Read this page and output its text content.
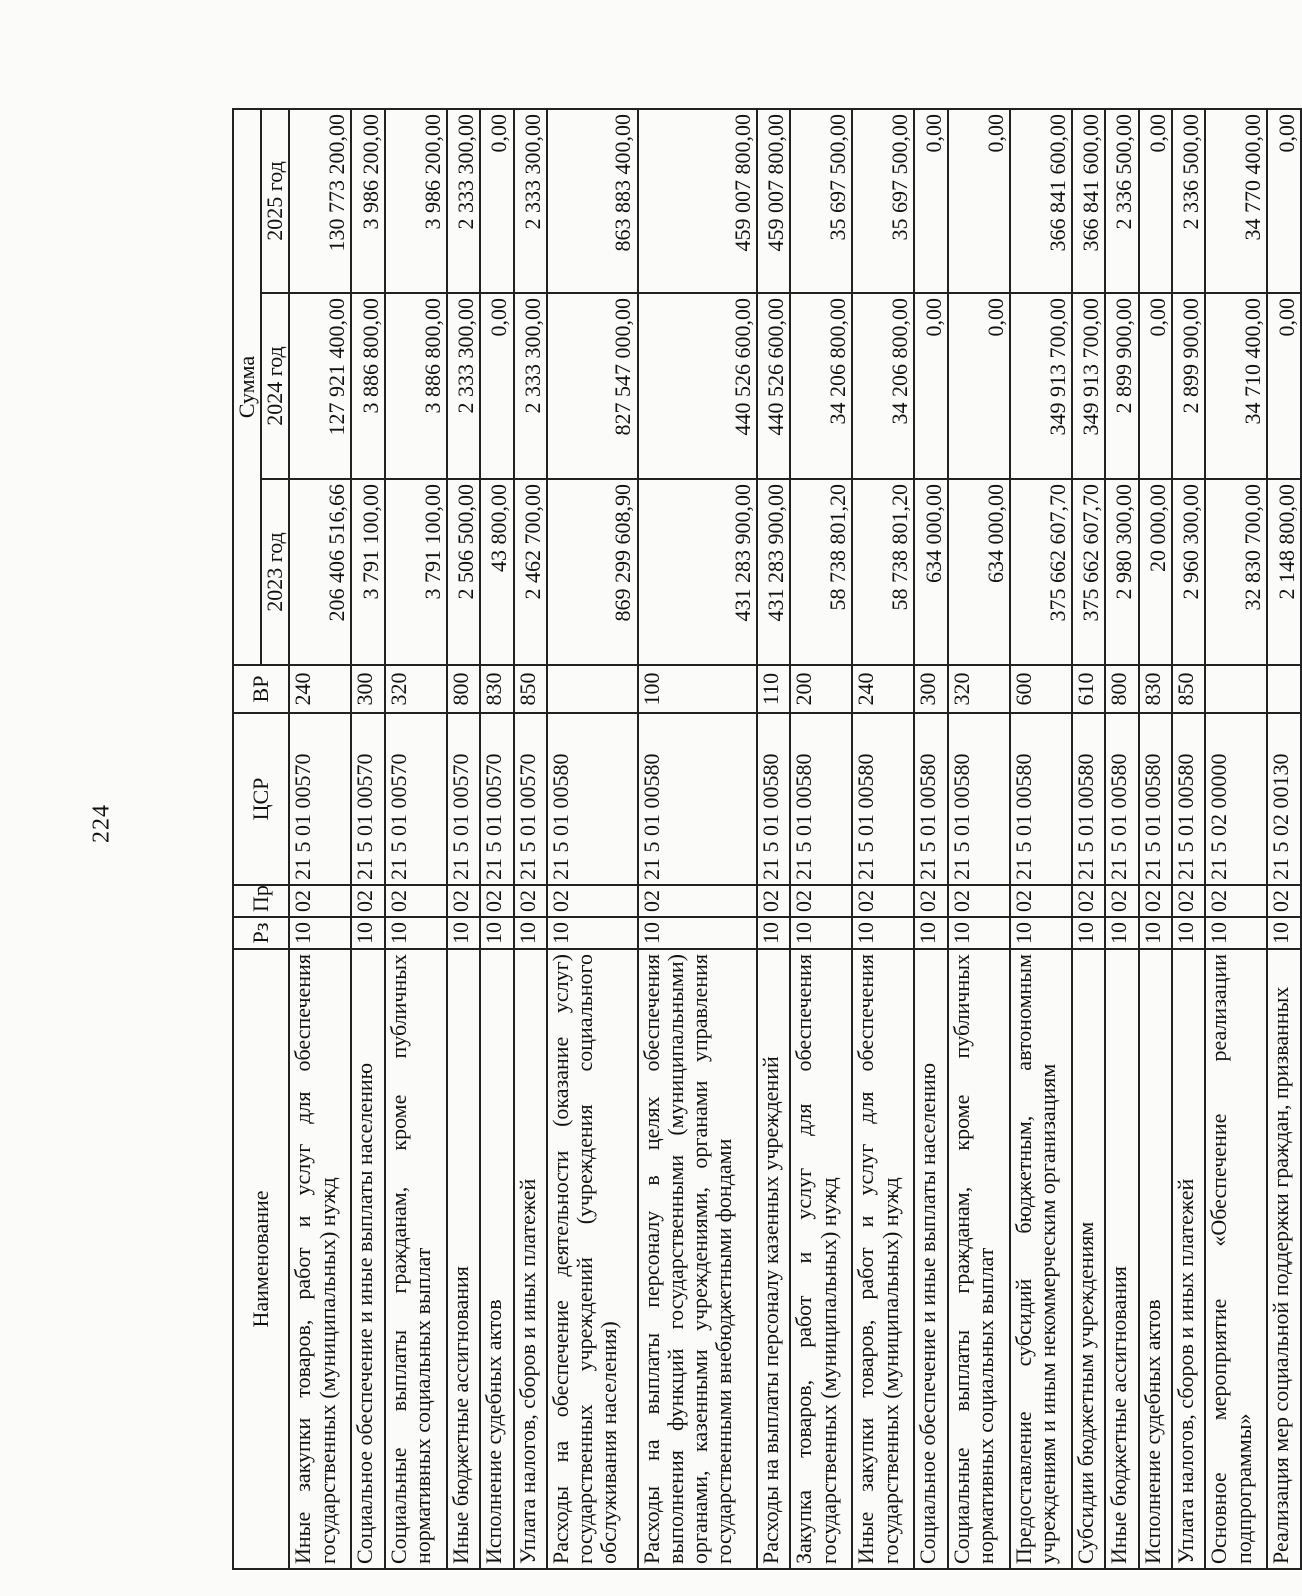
224
Наименование	Рз	Пр	ЦСР	ВР	Сумма		
					2023 год	2024 год	2025 год
Иные закупки товаров, работ и услуг для обеспечения государственных (муниципальных) нужд	10	02	21 5 01 00570	240	206 406 516,66	127 921 400,00	130 773 200,00
Социальное обеспечение и иные выплаты населению	10	02	21 5 01 00570	300	3 791 100,00	3 886 800,00	3 986 200,00
Социальные выплаты гражданам, кроме публичных нормативных социальных выплат	10	02	21 5 01 00570	320	3 791 100,00	3 886 800,00	3 986 200,00
Иные бюджетные ассигнования	10	02	21 5 01 00570	800	2 506 500,00	2 333 300,00	2 333 300,00
Исполнение судебных актов	10	02	21 5 01 00570	830	43 800,00	0,00	0,00
Уплата налогов, сборов и иных платежей	10	02	21 5 01 00570	850	2 462 700,00	2 333 300,00	2 333 300,00
Расходы на обеспечение деятельности (оказание услуг) государственных учреждений (учреждения социального обслуживания населения)	10	02	21 5 01 00580		869 299 608,90	827 547 000,00	863 883 400,00
Расходы на выплаты персоналу в целях обеспечения выполнения функций государственными (муниципальными) органами, казенными учреждениями, органами управления государственными внебюджетными фондами	10	02	21 5 01 00580	100	431 283 900,00	440 526 600,00	459 007 800,00
Расходы на выплаты персоналу казенных учреждений	10	02	21 5 01 00580	110	431 283 900,00	440 526 600,00	459 007 800,00
Закупка товаров, работ и услуг для обеспечения государственных (муниципальных) нужд	10	02	21 5 01 00580	200	58 738 801,20	34 206 800,00	35 697 500,00
Иные закупки товаров, работ и услуг для обеспечения государственных (муниципальных) нужд	10	02	21 5 01 00580	240	58 738 801,20	34 206 800,00	35 697 500,00
Социальное обеспечение и иные выплаты населению	10	02	21 5 01 00580	300	634 000,00	0,00	0,00
Социальные выплаты гражданам, кроме публичных нормативных социальных выплат	10	02	21 5 01 00580	320	634 000,00	0,00	0,00
Предоставление субсидий бюджетным, автономным учреждениям и иным некоммерческим организациям	10	02	21 5 01 00580	600	375 662 607,70	349 913 700,00	366 841 600,00
Субсидии бюджетным учреждениям	10	02	21 5 01 00580	610	375 662 607,70	349 913 700,00	366 841 600,00
Иные бюджетные ассигнования	10	02	21 5 01 00580	800	2 980 300,00	2 899 900,00	2 336 500,00
Исполнение судебных актов	10	02	21 5 01 00580	830	20 000,00	0,00	0,00
Уплата налогов, сборов и иных платежей	10	02	21 5 01 00580	850	2 960 300,00	2 899 900,00	2 336 500,00
Основное мероприятие «Обеспечение реализации подпрограммы»	10	02	21 5 02 00000		32 830 700,00	34 710 400,00	34 770 400,00
Реализация мер социальной поддержки граждан, призванных	10	02	21 5 02 00130		2 148 800,00	0,00	0,00
